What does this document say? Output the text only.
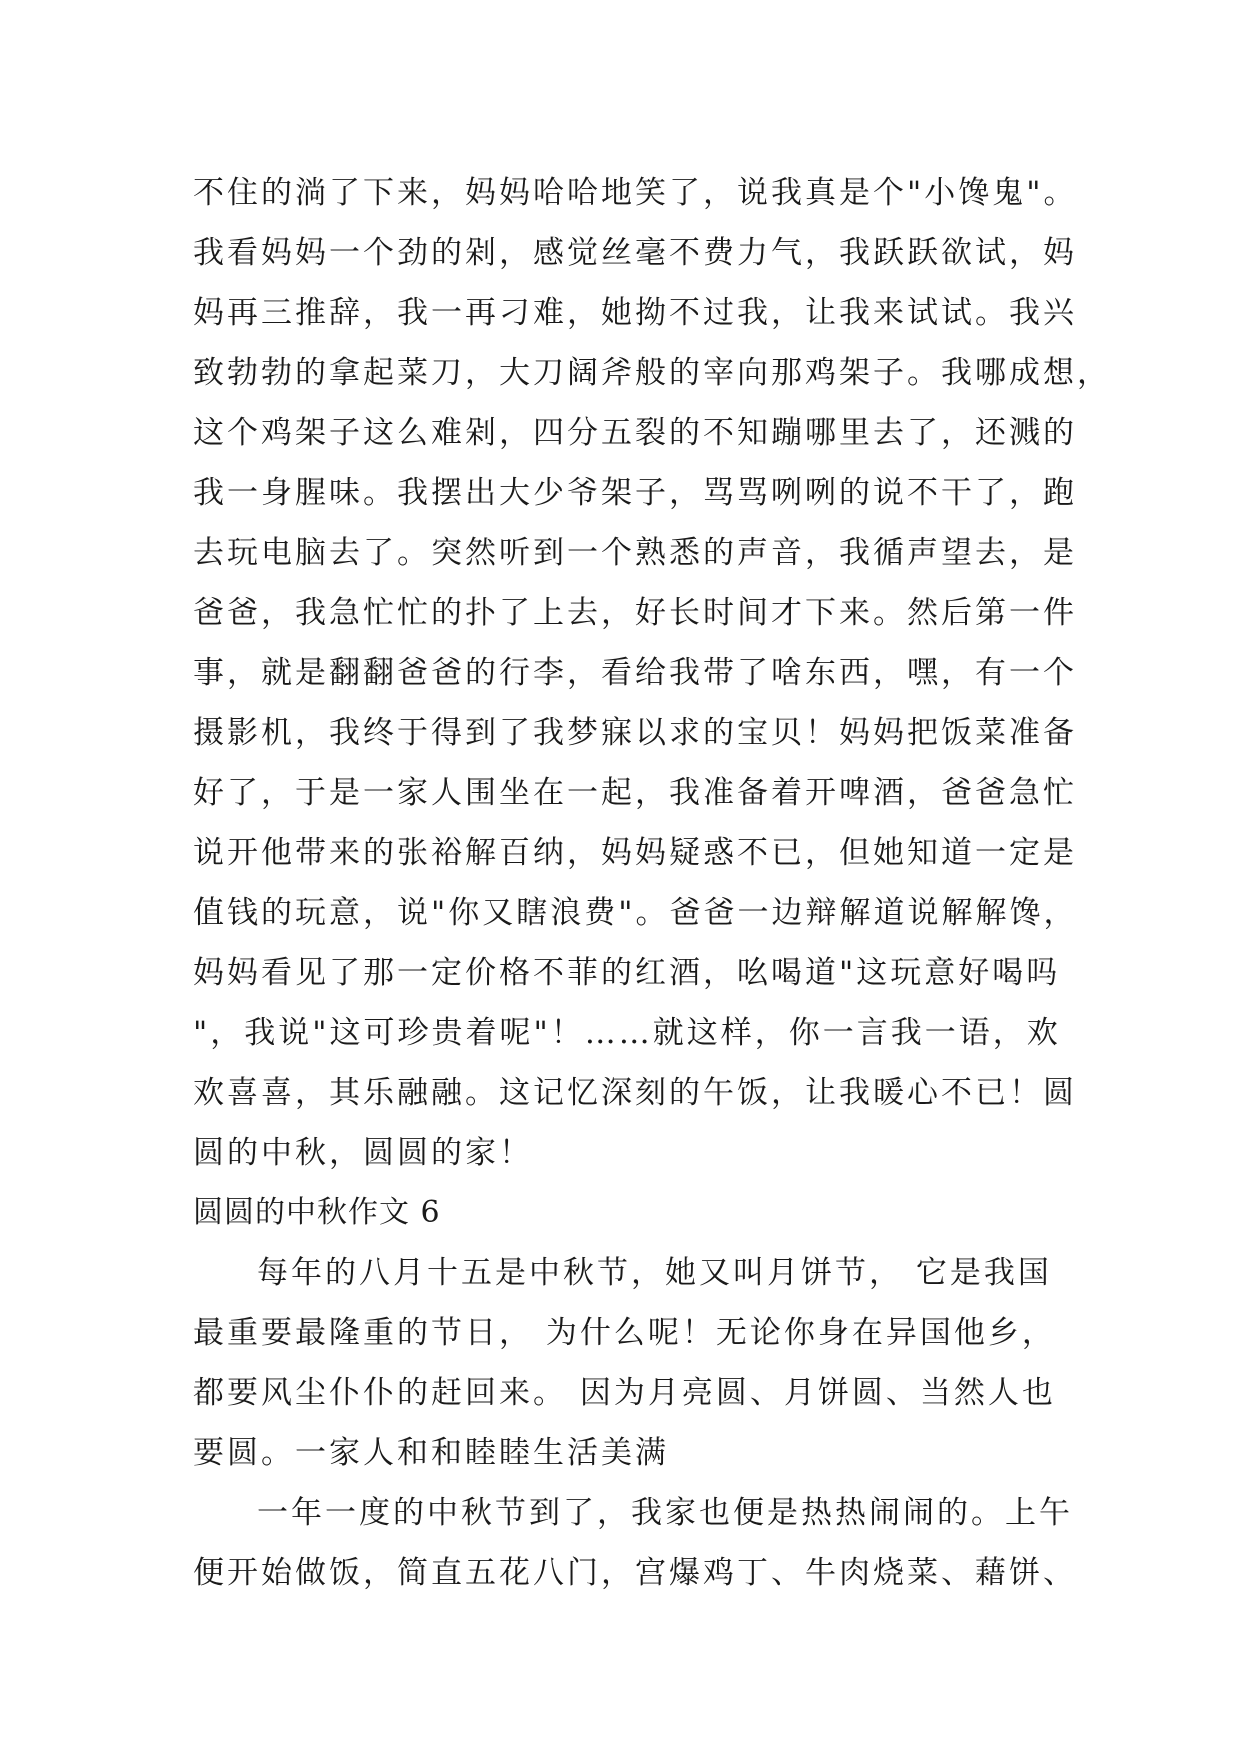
不住的淌了下来，妈妈哈哈地笑了，说我真是个"小馋鬼"。
我看妈妈一个劲的剁，感觉丝毫不费力气，我跃跃欲试，妈
妈再三推辞，我一再刁难，她拗不过我，让我来试试。我兴
致勃勃的拿起菜刀，大刀阔斧般的宰向那鸡架子。我哪成想，
这个鸡架子这么难剁，四分五裂的不知蹦哪里去了，还溅的
我一身腥味。我摆出大少爷架子，骂骂咧咧的说不干了，跑
去玩电脑去了。突然听到一个熟悉的声音，我循声望去，是
爸爸，我急忙忙的扑了上去，好长时间才下来。然后第一件
事，就是翻翻爸爸的行李，看给我带了啥东西，嘿，有一个
摄影机，我终于得到了我梦寐以求的宝贝！妈妈把饭菜准备
好了，于是一家人围坐在一起，我准备着开啤酒，爸爸急忙
说开他带来的张裕解百纳，妈妈疑惑不已，但她知道一定是
值钱的玩意，说"你又瞎浪费"。爸爸一边辩解道说解解馋，
妈妈看见了那一定价格不菲的红酒，吆喝道"这玩意好喝吗
"，我说"这可珍贵着呢"！……就这样，你一言我一语，欢
欢喜喜，其乐融融。这记忆深刻的午饭，让我暖心不已！圆
圆的中秋，圆圆的家！
圆圆的中秋作文 6
每年的八月十五是中秋节，她又叫月饼节， 它是我国
最重要最隆重的节日， 为什么呢！无论你身在异国他乡，
都要风尘仆仆的赶回来。 因为月亮圆、月饼圆、当然人也
要圆。一家人和和睦睦生活美满
一年一度的中秋节到了，我家也便是热热闹闹的。上午
便开始做饭，简直五花八门，宫爆鸡丁、牛肉烧菜、藉饼、
